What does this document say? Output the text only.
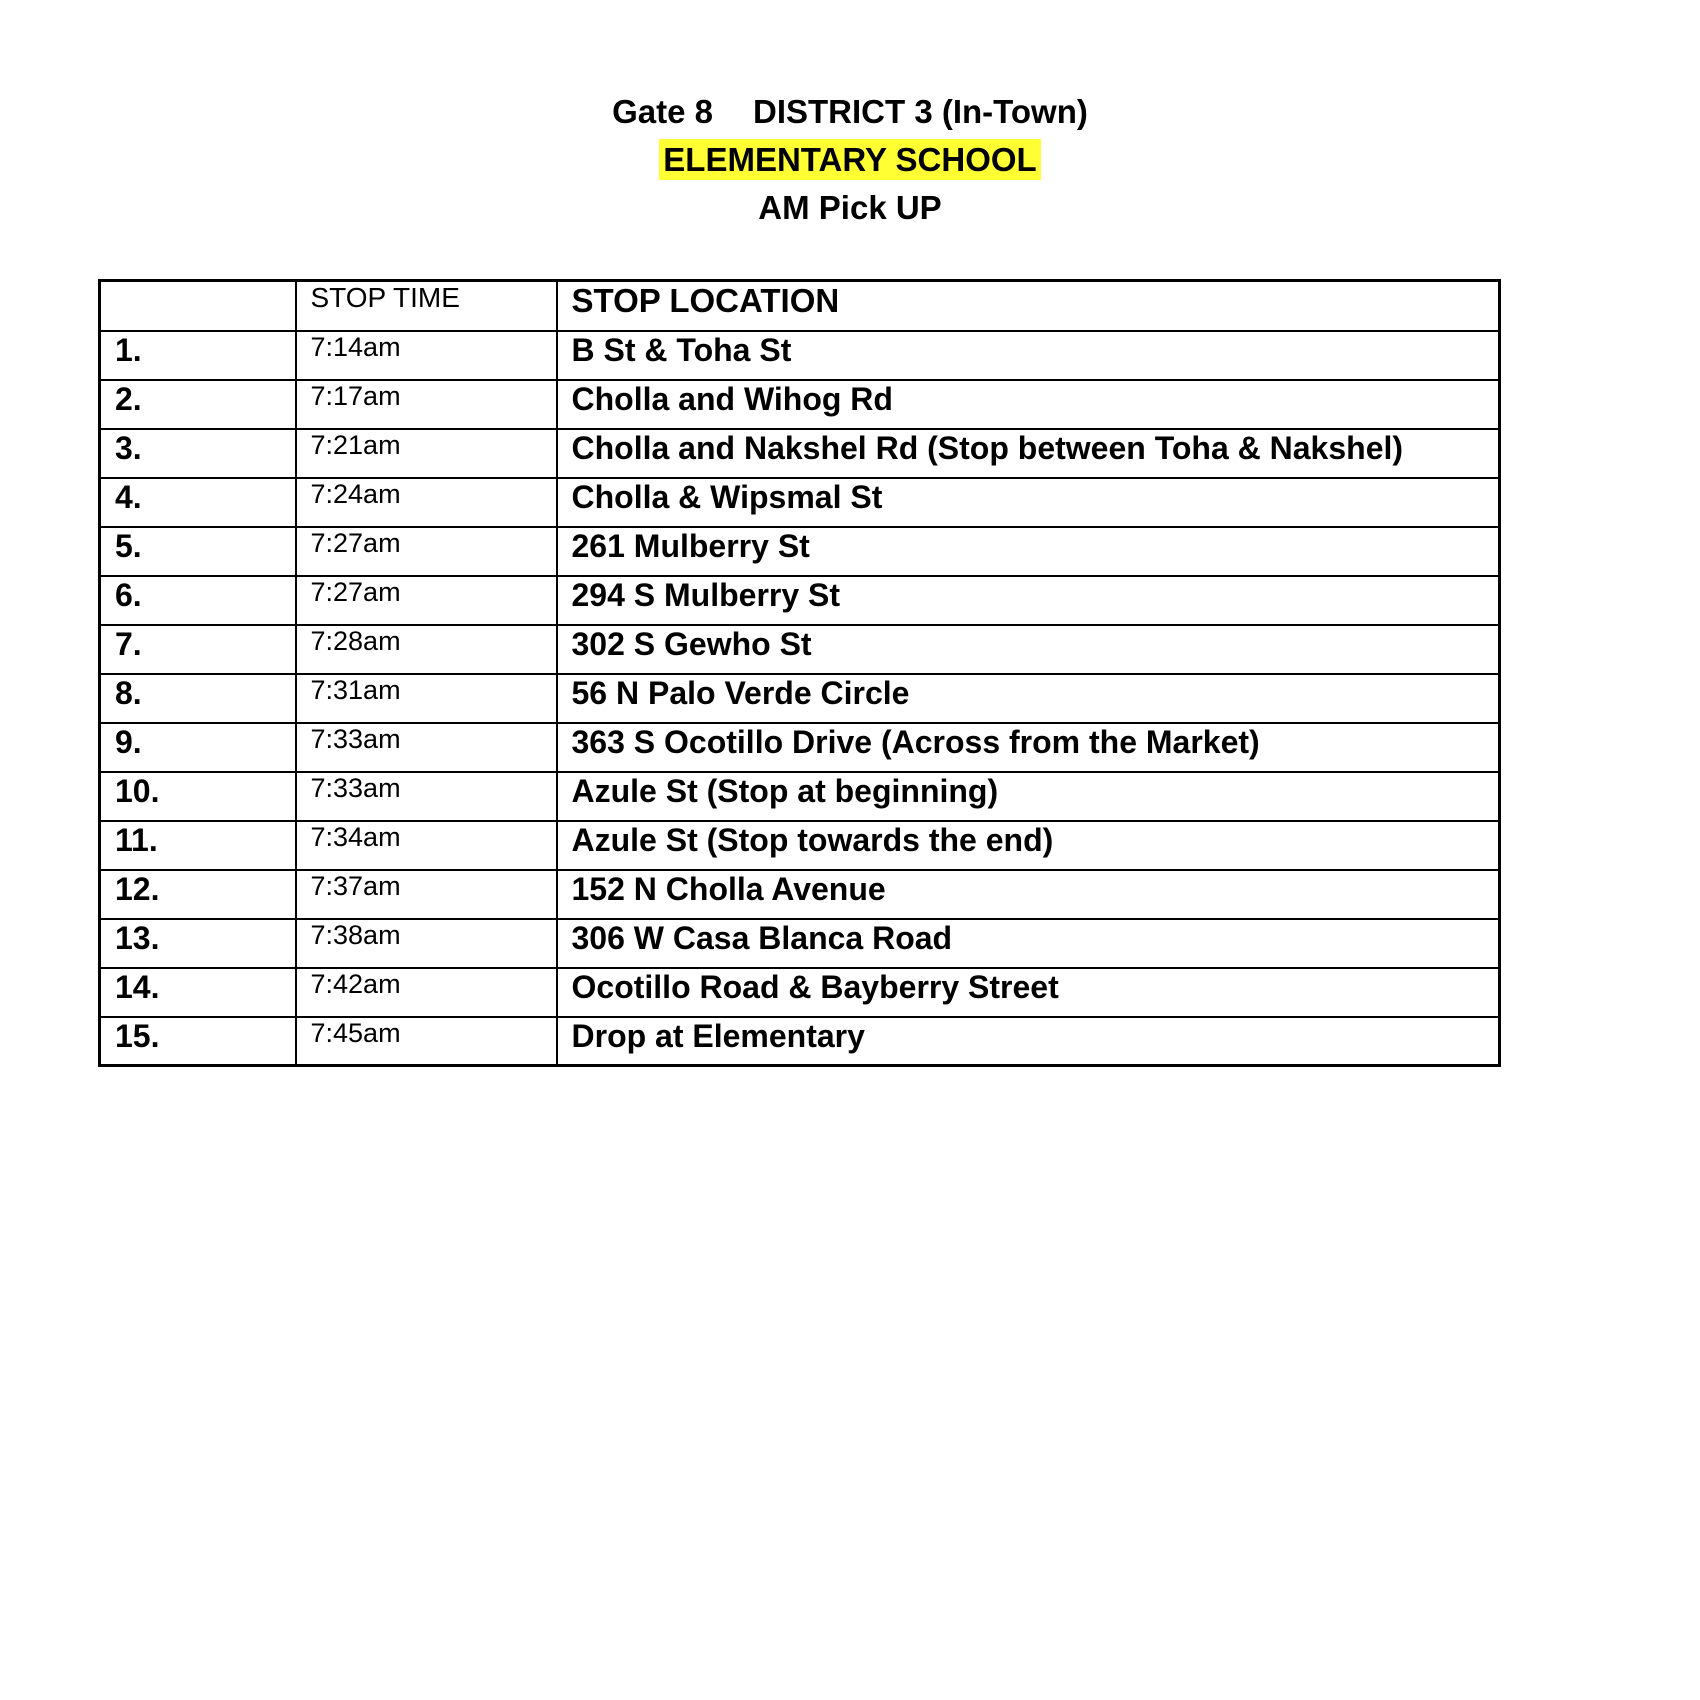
Gate 8 DISTRICT 3 (In-Town)
ELEMENTARY SCHOOL
AM Pick UP
	STOP TIME	STOP LOCATION
1.	7:14am	B St & Toha St
2.	7:17am	Cholla and Wihog Rd
3.	7:21am	Cholla and Nakshel Rd (Stop between Toha & Nakshel)
4.	7:24am	Cholla & Wipsmal St
5.	7:27am	261 Mulberry St
6.	7:27am	294 S Mulberry St
7.	7:28am	302 S Gewho St
8.	7:31am	56 N Palo Verde Circle
9.	7:33am	363 S Ocotillo Drive (Across from the Market)
10.	7:33am	Azule St (Stop at beginning)
11.	7:34am	Azule St (Stop towards the end)
12.	7:37am	152 N Cholla Avenue
13.	7:38am	306 W Casa Blanca Road
14.	7:42am	Ocotillo Road & Bayberry Street
15.	7:45am	Drop at Elementary
